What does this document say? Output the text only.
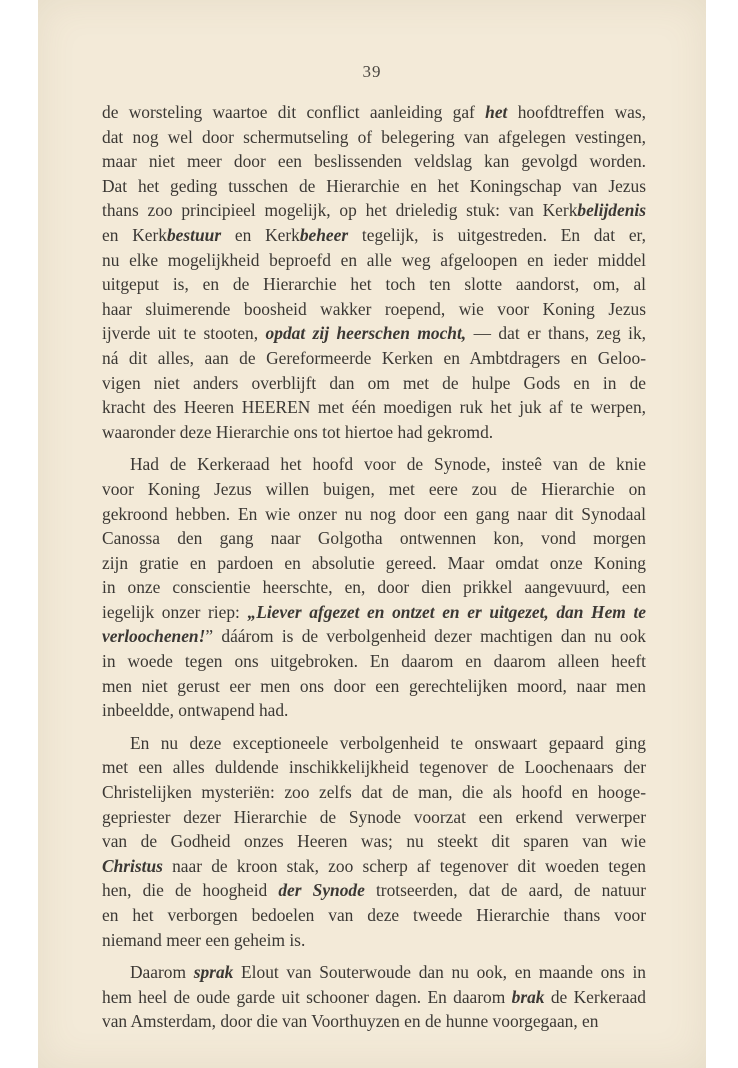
39
de worsteling waartoe dit conflict aanleiding gaf het hoofdtreffen was,
dat nog wel door schermutseling of belegering van afgelegen vestingen,
maar niet meer door een beslissenden veldslag kan gevolgd worden.
Dat het geding tusschen de Hierarchie en het Koningschap van Jezus
thans zoo principieel mogelijk, op het drieledig stuk: van Kerkbelijdenis
en Kerkbestuur en Kerkbeheer tegelijk, is uitgestreden. En dat er,
nu elke mogelijkheid beproefd en alle weg afgeloopen en ieder middel
uitgeput is, en de Hierarchie het toch ten slotte aandorst, om, al
haar sluimerende boosheid wakker roepend, wie voor Koning Jezus
ijverde uit te stooten, opdat zij heerschen mocht, — dat er thans, zeg ik,
ná dit alles, aan de Gereformeerde Kerken en Ambtdragers en Geloo-
vigen niet anders overblijft dan om met de hulpe Gods en in de
kracht des Heeren HEEREN met één moedigen ruk het juk af te werpen,
waaronder deze Hierarchie ons tot hiertoe had gekromd.
Had de Kerkeraad het hoofd voor de Synode, insteê van de knie
voor Koning Jezus willen buigen, met eere zou de Hierarchie on
gekroond hebben. En wie onzer nu nog door een gang naar dit Synodaal
Canossa den gang naar Golgotha ontwennen kon, vond morgen
zijn gratie en pardoen en absolutie gereed. Maar omdat onze Koning
in onze conscientie heerschte, en, door dien prikkel aangevuurd, een
iegelijk onzer riep: „Liever afgezet en ontzet en er uitgezet, dan Hem te
verloochenen!” dáárom is de verbolgenheid dezer machtigen dan nu ook
in woede tegen ons uitgebroken. En daarom en daarom alleen heeft
men niet gerust eer men ons door een gerechtelijken moord, naar men
inbeeldde, ontwapend had.
En nu deze exceptioneele verbolgenheid te onswaart gepaard ging
met een alles duldende inschikkelijkheid tegenover de Loochenaars der
Christelijken mysteriën: zoo zelfs dat de man, die als hoofd en hooge-
gepriester dezer Hierarchie de Synode voorzat een erkend verwerper
van de Godheid onzes Heeren was; nu steekt dit sparen van wie
Christus naar de kroon stak, zoo scherp af tegenover dit woeden tegen
hen, die de hoogheid der Synode trotseerden, dat de aard, de natuur
en het verborgen bedoelen van deze tweede Hierarchie thans voor
niemand meer een geheim is.
Daarom sprak Elout van Souterwoude dan nu ook, en maande ons in
hem heel de oude garde uit schooner dagen. En daarom brak de Kerkeraad
van Amsterdam, door die van Voorthuyzen en de hunne voorgegaan, en
